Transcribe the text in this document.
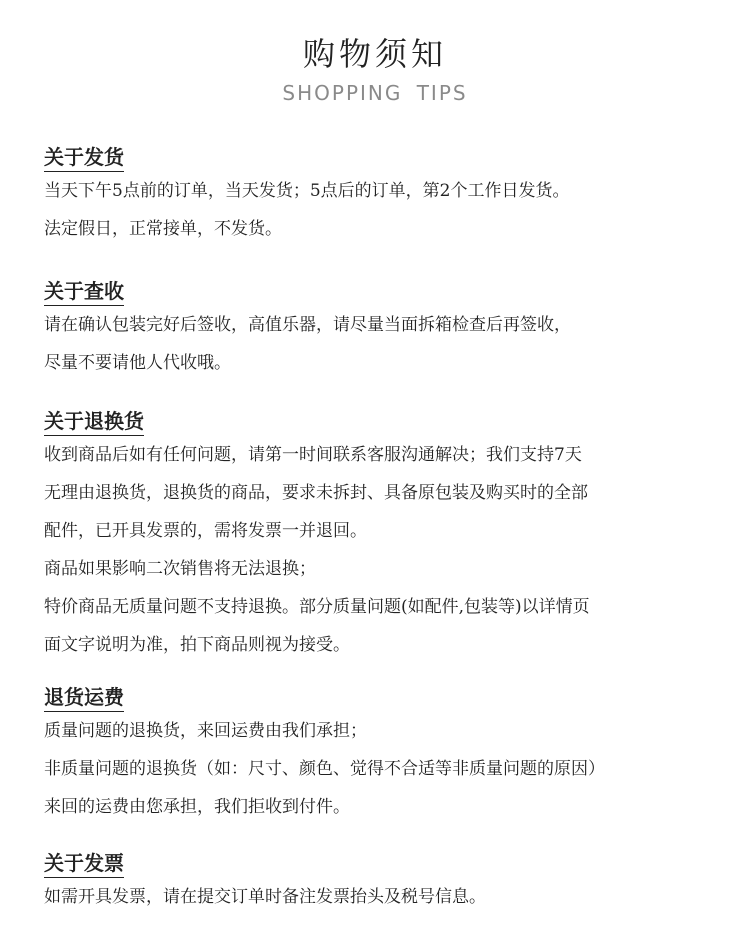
购物须知
SHOPPING TIPS
关于发货
当天下午5点前的订单，当天发货；5点后的订单，第2个工作日发货。
法定假日，正常接单，不发货。
关于查收
请在确认包装完好后签收，高值乐器，请尽量当面拆箱检查后再签收，
尽量不要请他人代收哦。
关于退换货
收到商品后如有任何问题，请第一时间联系客服沟通解决；我们支持7天
无理由退换货，退换货的商品，要求未拆封、具备原包装及购买时的全部
配件，已开具发票的，需将发票一并退回。
商品如果影响二次销售将无法退换；
特价商品无质量问题不支持退换。部分质量问题(如配件,包装等)以详情页
面文字说明为准，拍下商品则视为接受。
退货运费
质量问题的退换货，来回运费由我们承担；
非质量问题的退换货（如：尺寸、颜色、觉得不合适等非质量问题的原因）
来回的运费由您承担，我们拒收到付件。
关于发票
如需开具发票，请在提交订单时备注发票抬头及税号信息。
